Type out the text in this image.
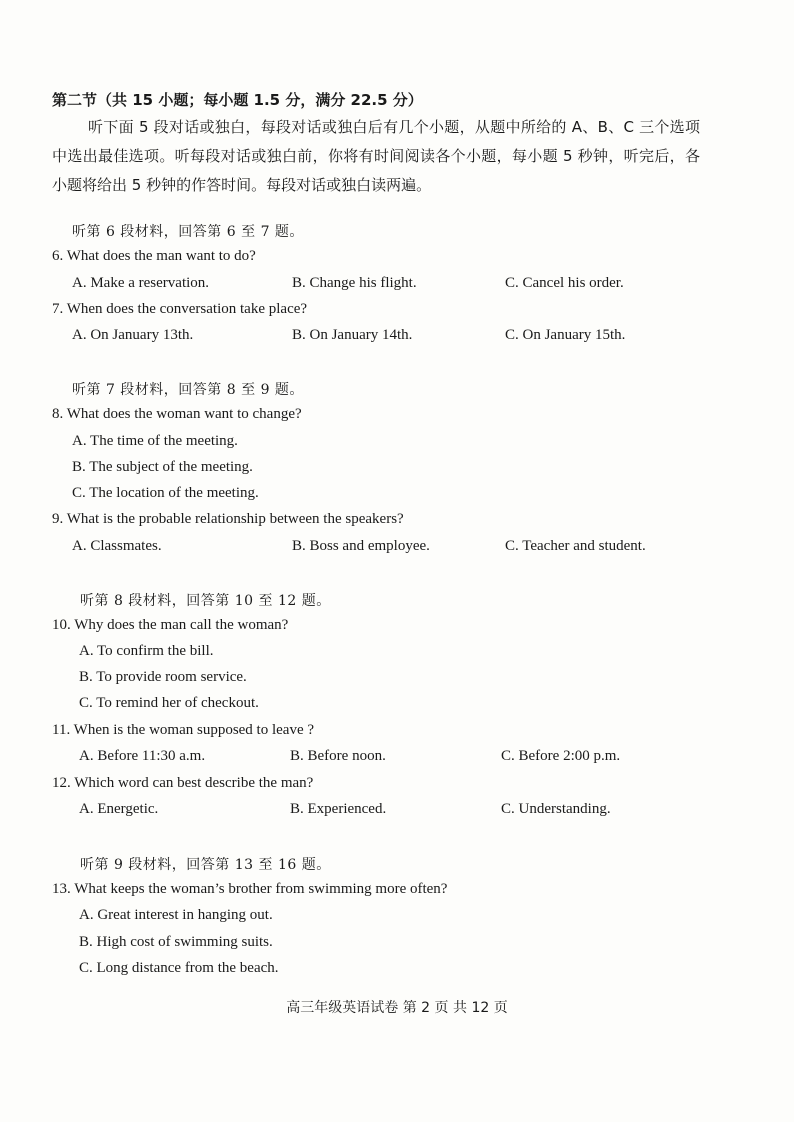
第二节（共 15 小题；每小题 1.5 分，满分 22.5 分）
听下面 5 段对话或独白，每段对话或独白后有几个小题，从题中所给的 A、B、C 三个选项中选出最佳选项。听每段对话或独白前，你将有时间阅读各个小题，每小题 5 秒钟，听完后，各小题将给出 5 秒钟的作答时间。每段对话或独白读两遍。
听第 6 段材料，回答第 6 至 7 题。
6. What does the man want to do?
A. Make a reservation.	B. Change his flight.	C. Cancel his order.
7. When does the conversation take place?
A. On January 13th.	B. On January 14th.	C. On January 15th.
听第 7 段材料，回答第 8 至 9 题。
8. What does the woman want to change?
A. The time of the meeting.
B. The subject of the meeting.
C. The location of the meeting.
9. What is the probable relationship between the speakers?
A. Classmates.	B. Boss and employee.	C. Teacher and student.
听第 8 段材料，回答第 10 至 12 题。
10. Why does the man call the woman?
A. To confirm the bill.
B. To provide room service.
C. To remind her of checkout.
11. When is the woman supposed to leave ?
A. Before 11:30 a.m.	B. Before noon.	C. Before 2:00 p.m.
12. Which word can best describe the man?
A. Energetic.	B. Experienced.	C. Understanding.
听第 9 段材料，回答第 13 至 16 题。
13. What keeps the woman’s brother from swimming more often?
A. Great interest in hanging out.
B. High cost of swimming suits.
C. Long distance from the beach.
高三年级英语试卷 第 2 页 共 12 页
